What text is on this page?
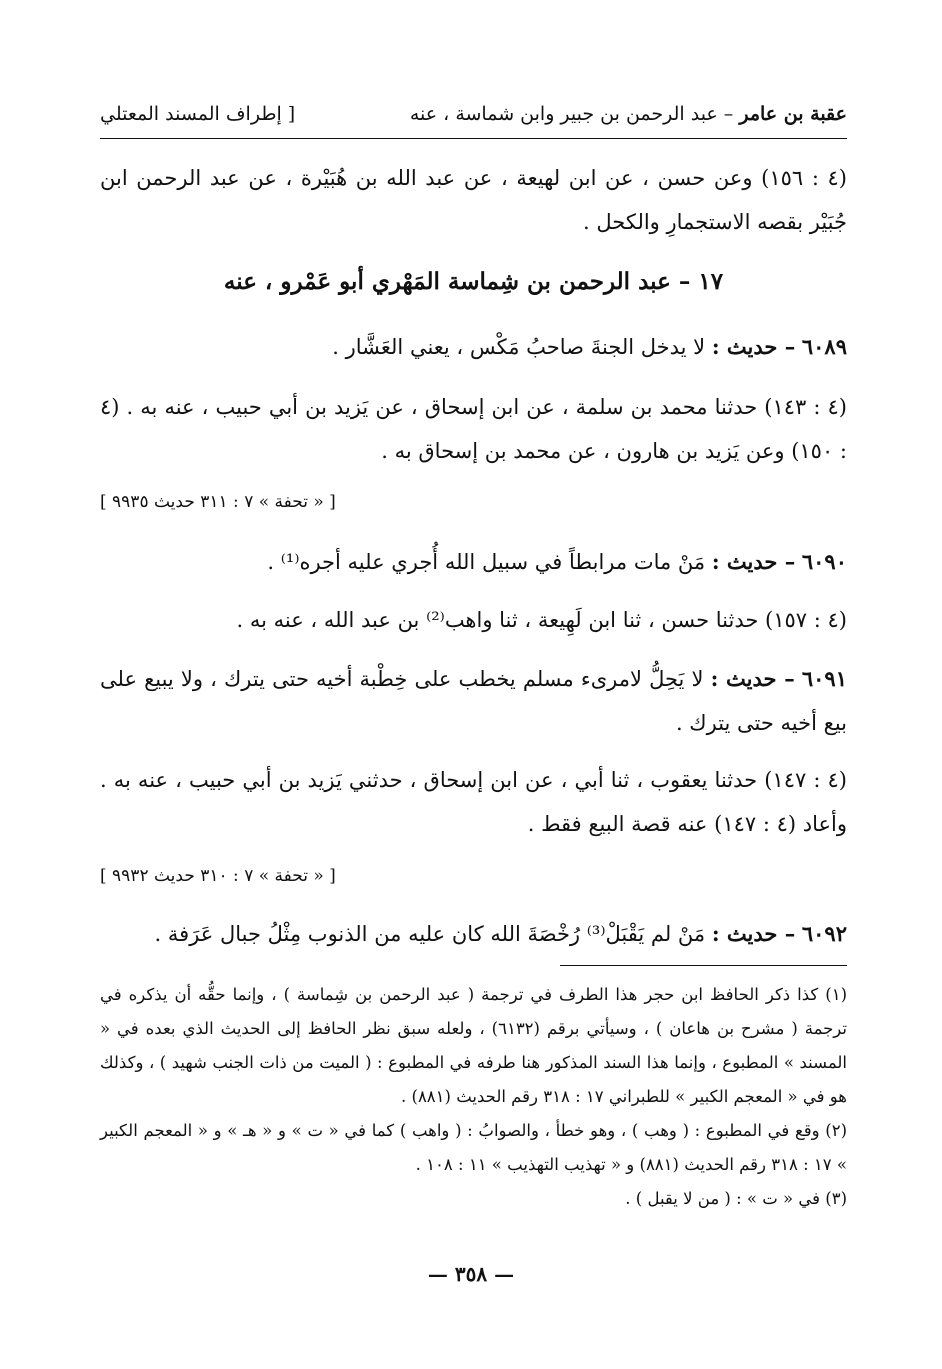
عقبة بن عامر – عبد الرحمن بن جبير وابن شماسة ، عنه
[ إطراف المسند المعتلي
(٤ : ١٥٦) وعن حسن ، عن ابن لهيعة ، عن عبد الله بن هُبَيْرة ، عن عبد الرحمن ابن جُبَيْر بقصه الاستجمارِ والكحل .
١٧ – عبد الرحمن بن شِماسة المَهْري أبو عَمْرو ، عنه
٦٠٨٩ – حديث : لا يدخل الجنةَ صاحبُ مَكْس ، يعني العَشَّار .
(٤ : ١٤٣) حدثنا محمد بن سلمة ، عن ابن إسحاق ، عن يَزيد بن أبي حبيب ، عنه به . (٤ : ١٥٠) وعن يَزيد بن هارون ، عن محمد بن إسحاق به .
[ « تحفة » ٧ : ٣١١ حديث ٩٩٣٥ ]
٦٠٩٠ – حديث : مَنْ مات مرابطاً في سبيل الله أُجري عليه أجره⁽¹⁾ .
(٤ : ١٥٧) حدثنا حسن ، ثنا ابن لَهِيعة ، ثنا واهب⁽²⁾ بن عبد الله ، عنه به .
٦٠٩١ – حديث : لا يَحِلُّ لامرىء مسلم يخطب على خِطْبة أخيه حتى يترك ، ولا يبيع على بيع أخيه حتى يترك .
(٤ : ١٤٧) حدثنا يعقوب ، ثنا أبي ، عن ابن إسحاق ، حدثني يَزيد بن أبي حبيب ، عنه به . وأعاد (٤ : ١٤٧) عنه قصة البيع فقط .
[ « تحفة » ٧ : ٣١٠ حديث ٩٩٣٢ ]
٦٠٩٢ – حديث : مَنْ لم يَقْبَلْ⁽³⁾ رُخْصَةَ الله كان عليه من الذنوب مِثْلُ جبال عَرَفة .

(١) كذا ذكر الحافظ ابن حجر هذا الطرف في ترجمة ( عبد الرحمن بن شِماسة ) ، وإنما حقُّه أن يذكره في ترجمة ( مشرح بن هاعان ) ، وسيأتي برقم (٦١٣٢) ، ولعله سبق نظر الحافظ إلى الحديث الذي بعده في « المسند » المطبوع ، وإنما هذا السند المذكور هنا طرفه في المطبوع : ( الميت من ذات الجنب شهيد ) ، وكذلك هو في « المعجم الكبير » للطبراني ١٧ : ٣١٨ رقم الحديث (٨٨١) .

(٢) وقع في المطبوع : ( وهب ) ، وهو خطأ ، والصوابُ : ( واهب ) كما في « ت » و « هـ » و « المعجم الكبير » ١٧ : ٣١٨ رقم الحديث (٨٨١) و « تهذيب التهذيب » ١١ : ١٠٨ .

(٣) في « ت » : ( من لا يقبل ) .

— ٣٥٨ —
